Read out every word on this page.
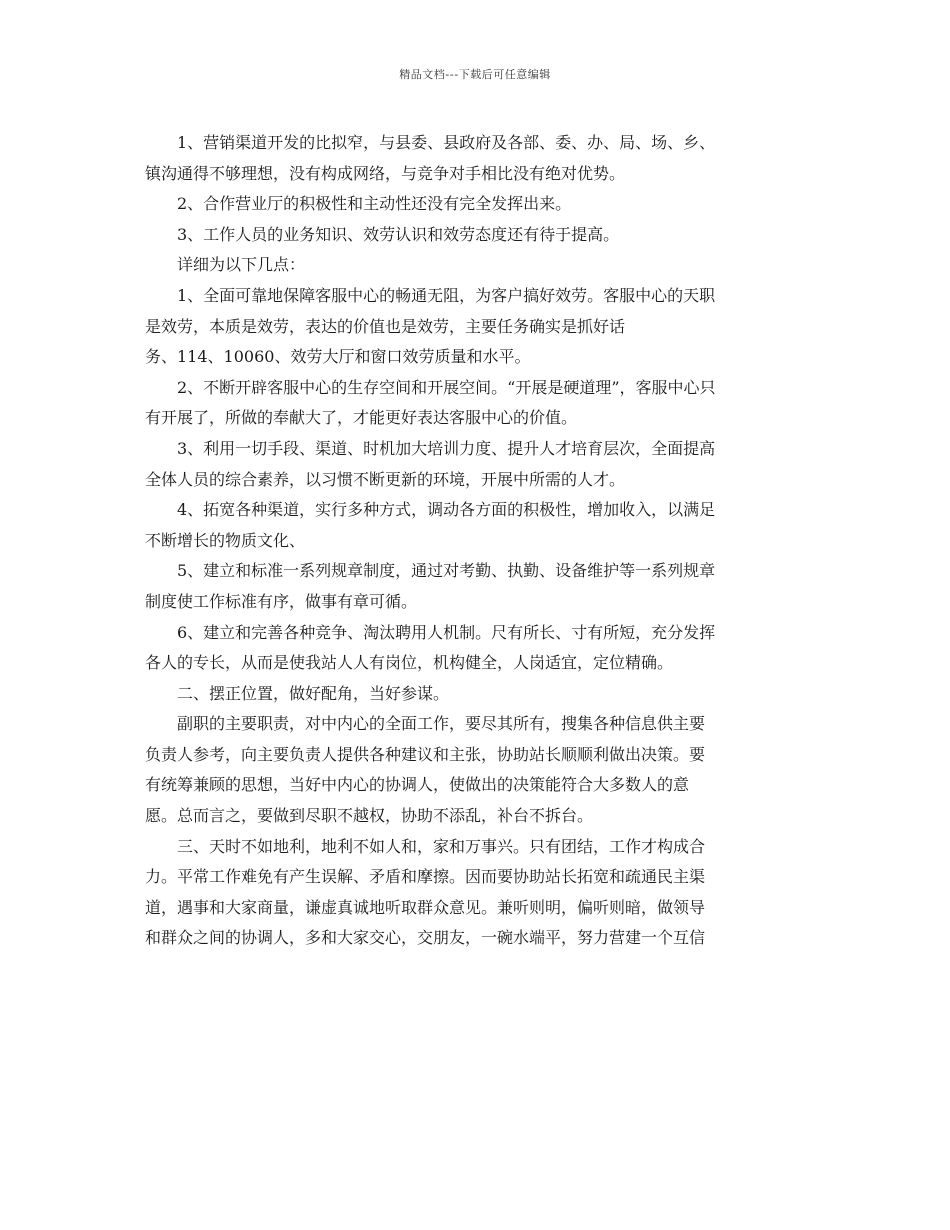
精品文档---下载后可任意编辑
1、营销渠道开发的比拟窄，与县委、县政府及各部、委、办、局、场、乡、
镇沟通得不够理想，没有构成网络，与竞争对手相比没有绝对优势。
2、合作营业厅的积极性和主动性还没有完全发挥出来。
3、工作人员的业务知识、效劳认识和效劳态度还有待于提高。
详细为以下几点：
1、全面可靠地保障客服中心的畅通无阻，为客户搞好效劳。客服中心的天职
是效劳，本质是效劳，表达的价值也是效劳，主要任务确实是抓好话
务、114、10060、效劳大厅和窗口效劳质量和水平。
2、不断开辟客服中心的生存空间和开展空间。“开展是硬道理”，客服中心只
有开展了，所做的奉献大了，才能更好表达客服中心的价值。
3、利用一切手段、渠道、时机加大培训力度、提升人才培育层次，全面提高
全体人员的综合素养，以习惯不断更新的环境，开展中所需的人才。
4、拓宽各种渠道，实行多种方式，调动各方面的积极性，增加收入，以满足
不断增长的物质文化、
5、建立和标准一系列规章制度，通过对考勤、执勤、设备维护等一系列规章
制度使工作标准有序，做事有章可循。
6、建立和完善各种竞争、淘汰聘用人机制。尺有所长、寸有所短，充分发挥
各人的专长，从而是使我站人人有岗位，机构健全，人岗适宜，定位精确。
二、摆正位置，做好配角，当好参谋。
副职的主要职责，对中内心的全面工作，要尽其所有，搜集各种信息供主要
负责人参考，向主要负责人提供各种建议和主张，协助站长顺顺利做出决策。要
有统筹兼顾的思想，当好中内心的协调人，使做出的决策能符合大多数人的意
愿。总而言之，要做到尽职不越权，协助不添乱，补台不拆台。
三、天时不如地利，地利不如人和，家和万事兴。只有团结，工作才构成合
力。平常工作难免有产生误解、矛盾和摩擦。因而要协助站长拓宽和疏通民主渠
道，遇事和大家商量，谦虚真诚地听取群众意见。兼听则明，偏听则暗，做领导
和群众之间的协调人，多和大家交心，交朋友，一碗水端平，努力营建一个互信
